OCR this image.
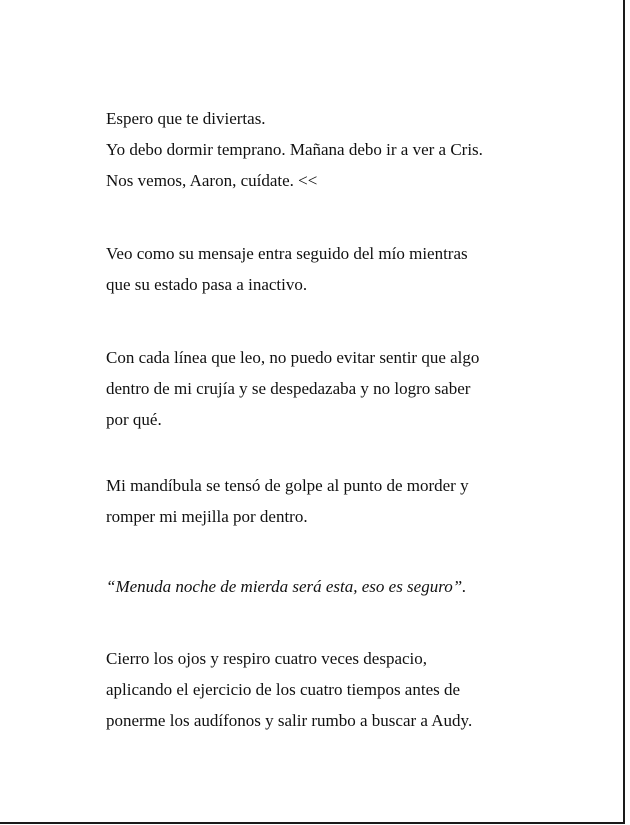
Espero que te diviertas.
Yo debo dormir temprano. Mañana debo ir a ver a Cris.
Nos vemos, Aaron, cuídate. <<
Veo como su mensaje entra seguido del mío mientras
que su estado pasa a inactivo.
Con cada línea que leo, no puedo evitar sentir que algo
dentro de mi crujía y se despedazaba y no logro saber
por qué.
Mi mandíbula se tensó de golpe al punto de morder y
romper mi mejilla por dentro.
“Menuda noche de mierda será esta, eso es seguro”.
Cierro los ojos y respiro cuatro veces despacio,
aplicando el ejercicio de los cuatro tiempos antes de
ponerme los audífonos y salir rumbo a buscar a Audy.
